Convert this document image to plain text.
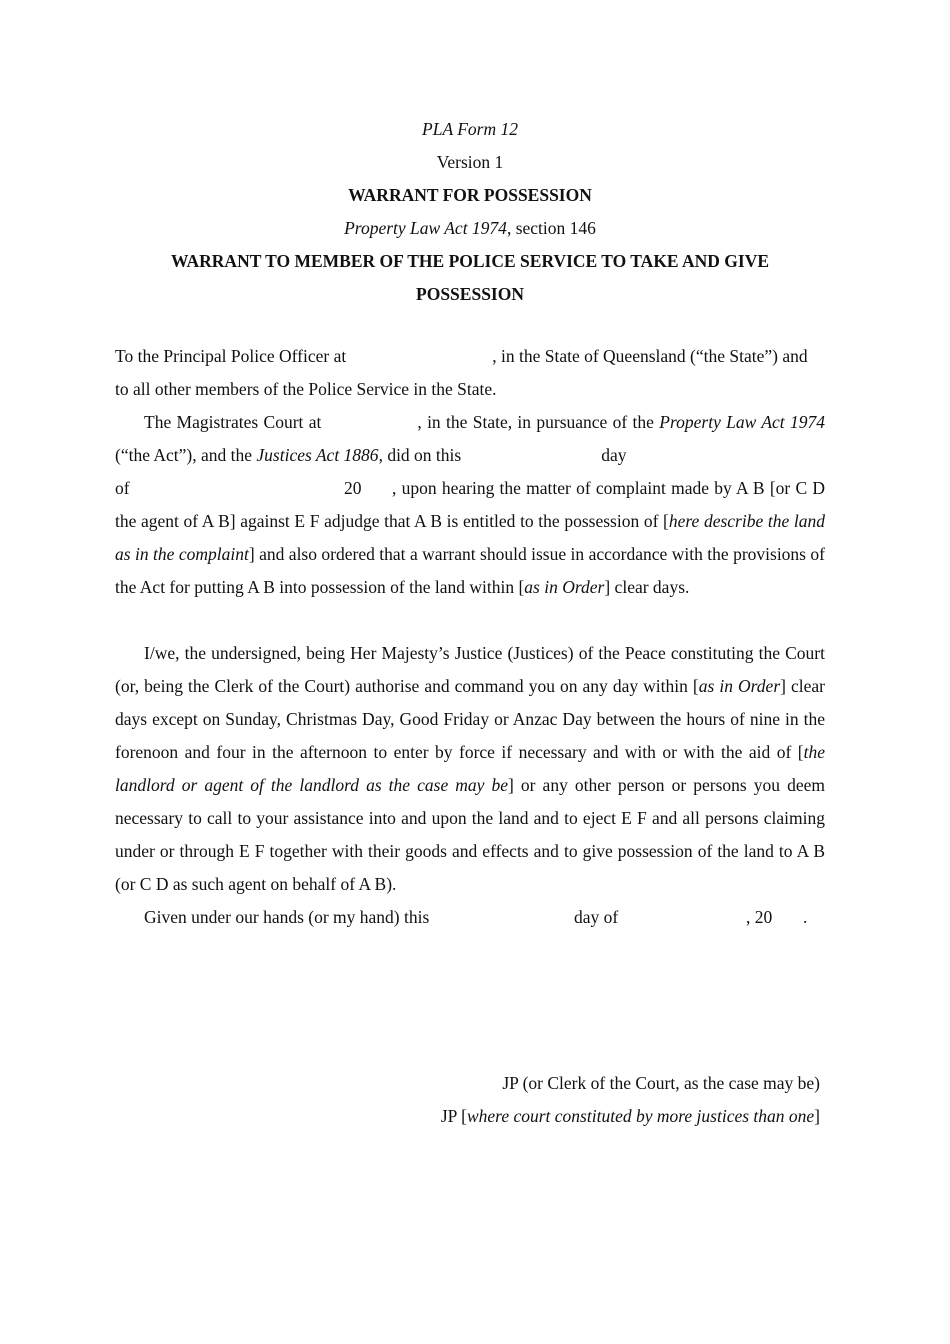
PLA Form 12
Version 1
WARRANT FOR POSSESSION
Property Law Act 1974, section 146
WARRANT TO MEMBER OF THE POLICE SERVICE TO TAKE AND GIVE POSSESSION

To the Principal Police Officer at	, in the State of Queensland (“the State”) and to all other members of the Police Service in the State.

The Magistrates Court at	, in the State, in pursuance of the Property Law Act 1974 (“the Act”), and the Justices Act 1886, did on this	day

of	20	, upon hearing the matter of complaint made by A B [or C D the agent of A B] against E F adjudge that A B is entitled to the possession of [here describe the land as in the complaint] and also ordered that a warrant should issue in accordance with the provisions of the Act for putting A B into possession of the land within [as in Order] clear days.

I/we, the undersigned, being Her Majesty’s Justice (Justices) of the Peace constituting the Court (or, being the Clerk of the Court) authorise and command you on any day within [as in Order] clear days except on Sunday, Christmas Day, Good Friday or Anzac Day between the hours of nine in the forenoon and four in the afternoon to enter by force if necessary and with or with the aid of [the landlord or agent of the landlord as the case may be] or any other person or persons you deem necessary to call to your assistance into and upon the land and to eject E F and all persons claiming under or through E F together with their goods and effects and to give possession of the land to A B (or C D as such agent on behalf of A B).

Given under our hands (or my hand) this	day of	, 20 .
JP (or Clerk of the Court, as the case may be)
JP [where court constituted by more justices than one]
